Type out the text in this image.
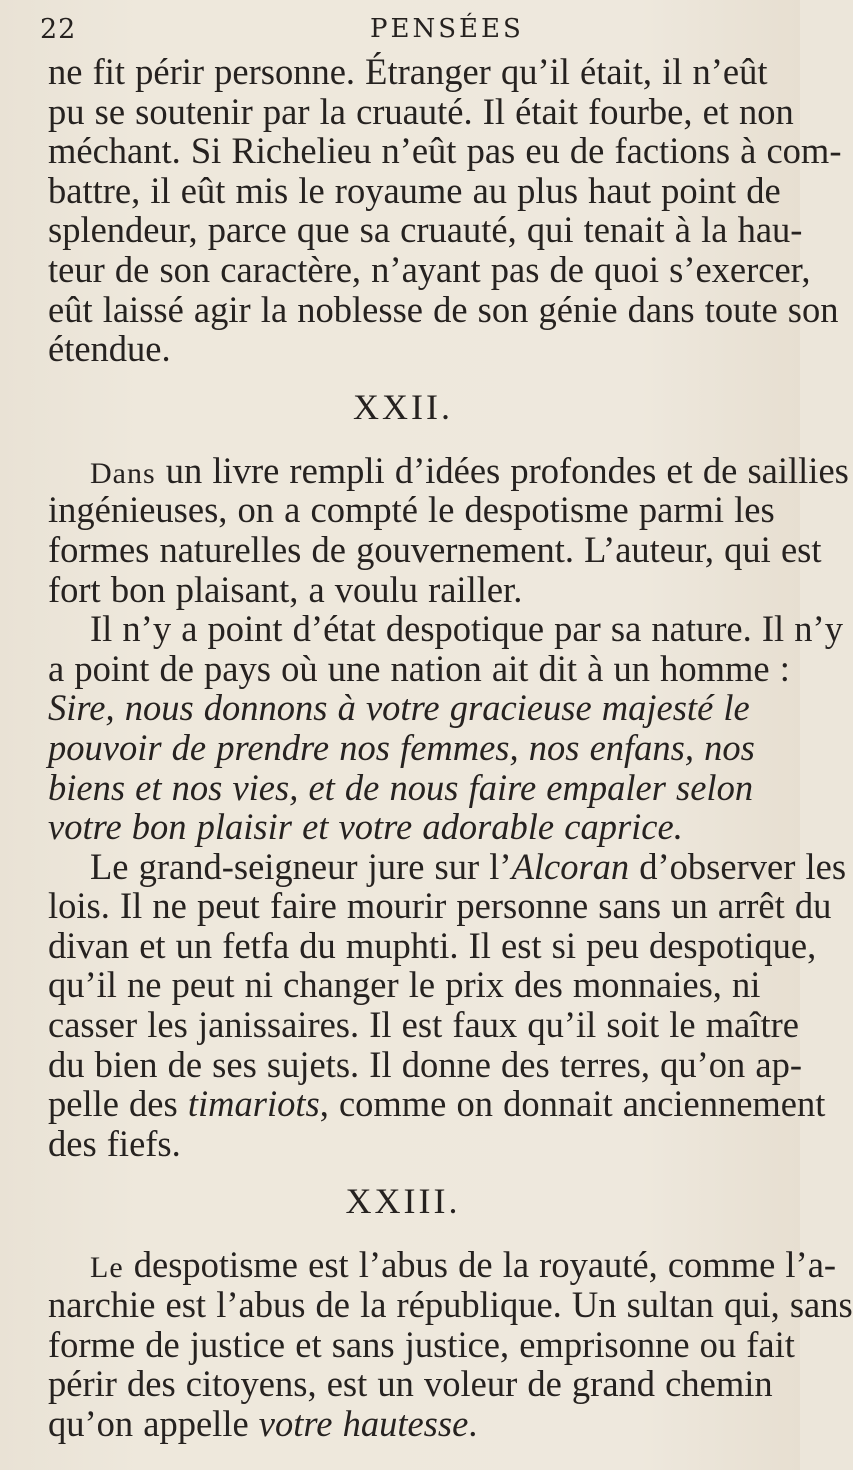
22	PENSÉES
ne fit périr personne. Étranger qu’il était, il n’eût
pu se soutenir par la cruauté. Il était fourbe, et non
méchant. Si Richelieu n’eût pas eu de factions à com-
battre, il eût mis le royaume au plus haut point de
splendeur, parce que sa cruauté, qui tenait à la hau-
teur de son caractère, n’ayant pas de quoi s’exercer,
eût laissé agir la noblesse de son génie dans toute son
étendue.
XXII.
Dans un livre rempli d’idées profondes et de saillies
ingénieuses, on a compté le despotisme parmi les
formes naturelles de gouvernement. L’auteur, qui est
fort bon plaisant, a voulu railler.
Il n’y a point d’état despotique par sa nature. Il n’y
a point de pays où une nation ait dit à un homme :
Sire, nous donnons à votre gracieuse majesté le
pouvoir de prendre nos femmes, nos enfans, nos
biens et nos vies, et de nous faire empaler selon
votre bon plaisir et votre adorable caprice.
Le grand-seigneur jure sur l’Alcoran d’observer les
lois. Il ne peut faire mourir personne sans un arrêt du
divan et un fetfa du muphti. Il est si peu despotique,
qu’il ne peut ni changer le prix des monnaies, ni
casser les janissaires. Il est faux qu’il soit le maître
du bien de ses sujets. Il donne des terres, qu’on ap-
pelle des timariots, comme on donnait anciennement
des fiefs.
XXIII.
Le despotisme est l’abus de la royauté, comme l’a-
narchie est l’abus de la république. Un sultan qui, sans
forme de justice et sans justice, emprisonne ou fait
périr des citoyens, est un voleur de grand chemin
qu’on appelle votre hautesse.
